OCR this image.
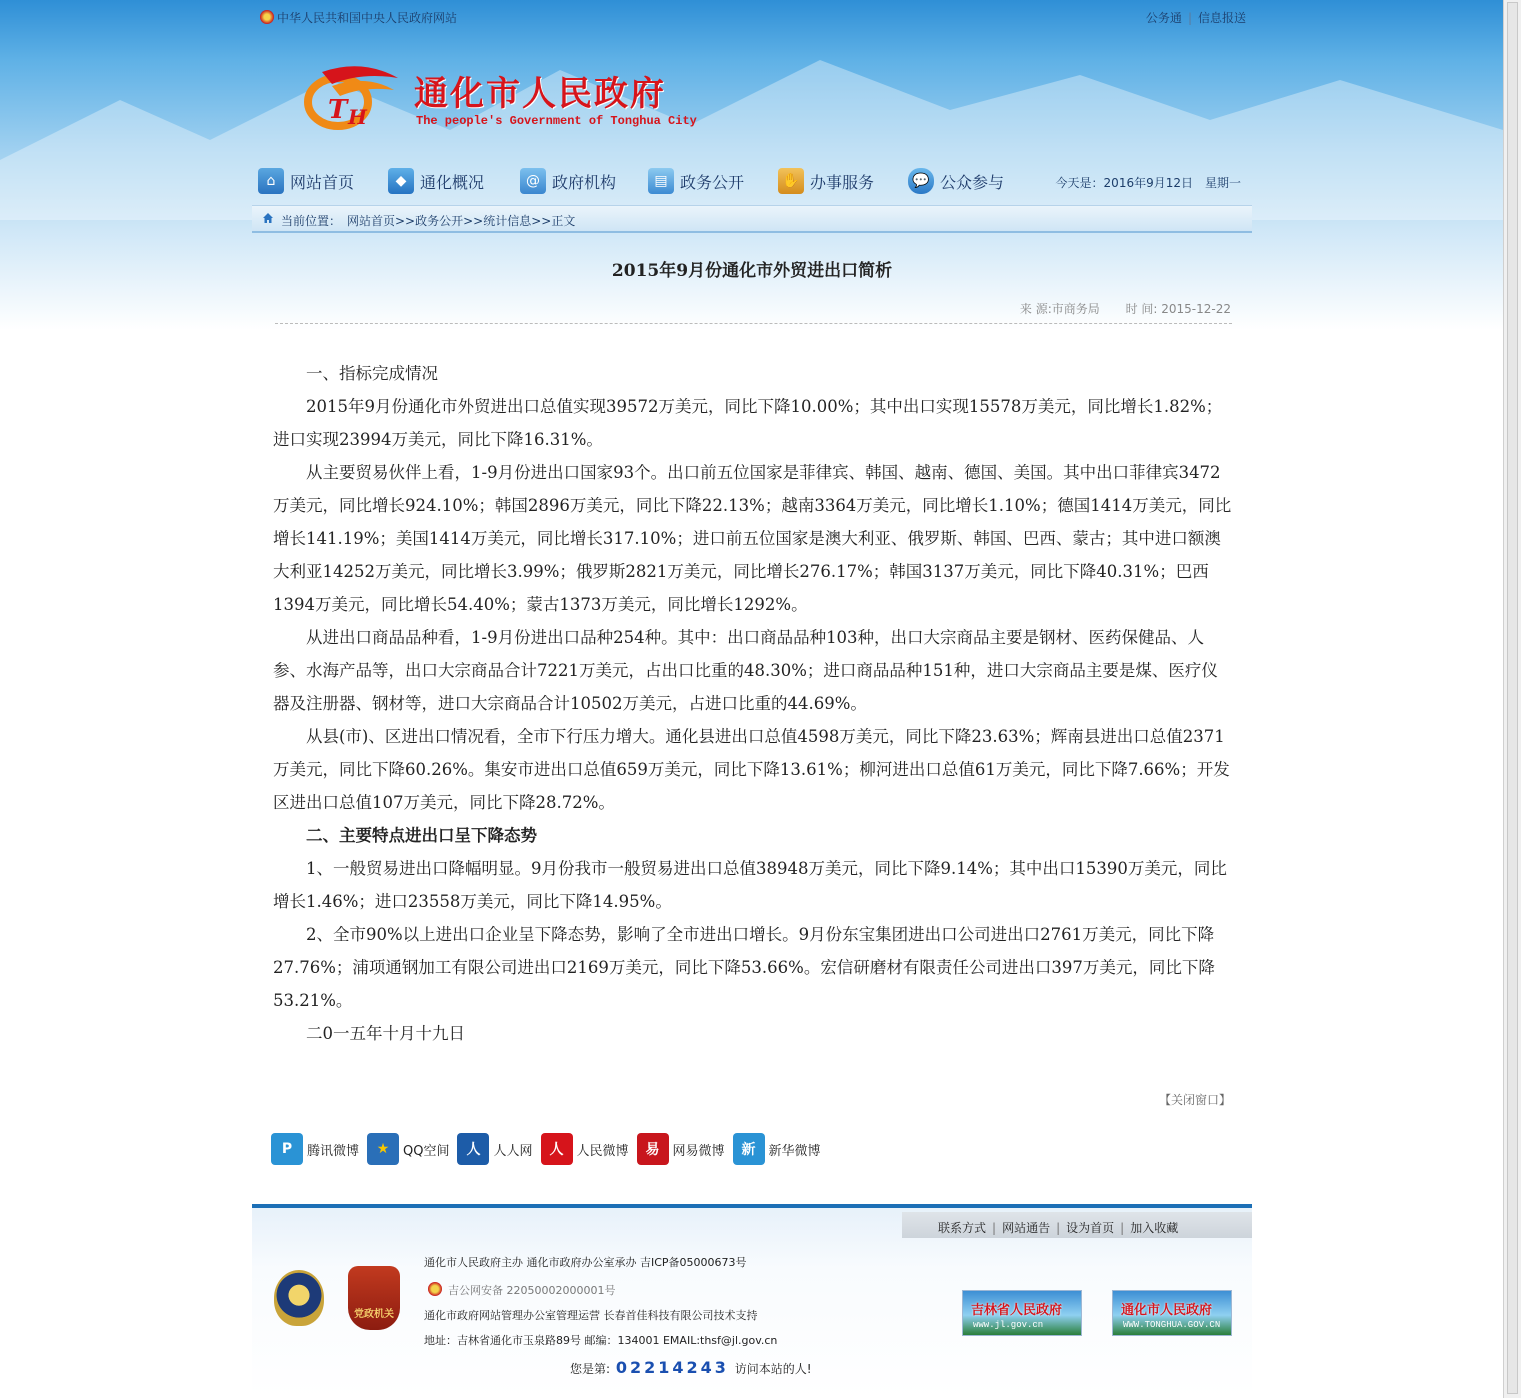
中华人民共和国中央人民政府网站	公务通 | 信息报送
T H
通化市人民政府
The people's Government of Tonghua City
⌂ 网站首页	◆ 通化概况	@ 政府机构	▤ 政务公开	✋ 办事服务	💬 公众参与	今天是：2016年9月12日　星期一
当前位置： 网站首页>>政务公开>>统计信息>>正文
2015年9月份通化市外贸进出口简析
来 源:市商务局 时 间: 2015-12-22

一、指标完成情况

2015年9月份通化市外贸进出口总值实现39572万美元，同比下降10.00%；其中出口实现15578万美元，同比增长1.82%；进口实现23994万美元，同比下降16.31%。

从主要贸易伙伴上看，1-9月份进出口国家93个。出口前五位国家是菲律宾、韩国、越南、德国、美国。其中出口菲律宾3472万美元，同比增长924.10%；韩国2896万美元，同比下降22.13%；越南3364万美元，同比增长1.10%；德国1414万美元，同比增长141.19%；美国1414万美元，同比增长317.10%；进口前五位国家是澳大利亚、俄罗斯、韩国、巴西、蒙古；其中进口额澳大利亚14252万美元，同比增长3.99%；俄罗斯2821万美元，同比增长276.17%；韩国3137万美元，同比下降40.31%；巴西1394万美元，同比增长54.40%；蒙古1373万美元，同比增长1292%。

从进出口商品品种看，1-9月份进出口品种254种。其中：出口商品品种103种，出口大宗商品主要是钢材、医药保健品、人参、水海产品等，出口大宗商品合计7221万美元，占出口比重的48.30%；进口商品品种151种，进口大宗商品主要是煤、医疗仪器及注册器、钢材等，进口大宗商品合计10502万美元，占进口比重的44.69%。

从县(市)、区进出口情况看，全市下行压力增大。通化县进出口总值4598万美元，同比下降23.63%；辉南县进出口总值2371万美元，同比下降60.26%。集安市进出口总值659万美元，同比下降13.61%；柳河进出口总值61万美元，同比下降7.66%；开发区进出口总值107万美元，同比下降28.72%。

二、主要特点进出口呈下降态势

1、一般贸易进出口降幅明显。9月份我市一般贸易进出口总值38948万美元，同比下降9.14%；其中出口15390万美元，同比增长1.46%；进口23558万美元，同比下降14.95%。

2、全市90%以上进出口企业呈下降态势，影响了全市进出口增长。9月份东宝集团进出口公司进出口2761万美元，同比下降27.76%；浦项通钢加工有限公司进出口2169万美元，同比下降53.66%。宏信研磨材有限责任公司进出口397万美元，同比下降53.21%。

二0一五年十月十九日

【关闭窗口】
P	腾讯微博	★	QQ空间	人	人人网	人	人民微博	易	网易微博	新	新华微博
联系方式 | 网站通告 | 设为首页 | 加入收藏
党政机关
通化市人民政府主办 通化市政府办公室承办 吉ICP备05000673号
吉公网安备 22050002000001号
通化市政府网站管理办公室管理运营 长春首佳科技有限公司技术支持
地址：吉林省通化市玉泉路89号 邮编：134001 EMAIL:thsf@jl.gov.cn
吉林省人民政府
www.jl.gov.cn
通化市人民政府
WWW.TONGHUA.GOV.CN
您是第: 02214243 访问本站的人!
